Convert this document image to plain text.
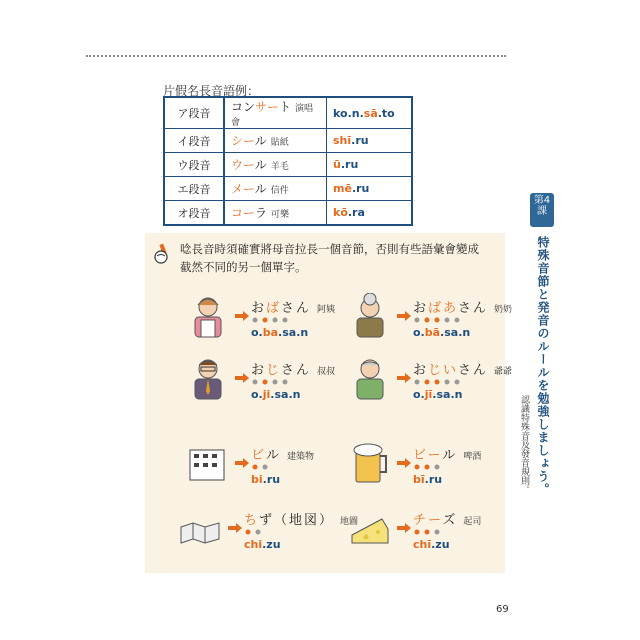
片假名長音語例：
ア段音	コンサート 演唱會	ko.n.sā.to
イ段音	シール 貼紙	shī.ru
ウ段音	ウール 羊毛	ū.ru
エ段音	メール 信件	mē.ru
オ段音	コーラ 可樂	kō.ra
唸長音時須確實將母音拉長一個音節，否則有些語彙會變成截然不同的另一個單字。
おばさん 阿姨
o.ba.sa.n
おばあさん 奶奶
o.bā.sa.n
おじさん 叔叔
o.ji.sa.n
おじいさん 爺爺
o.jī.sa.n
ビル 建築物
bi.ru
ビール 啤酒
bī.ru
ちず（地図） 地圖
chi.zu
チーズ 起司
chī.zu
第4課
特殊音節と発音のルールを勉強しましょう。
認識特殊音及發音規則。
69
